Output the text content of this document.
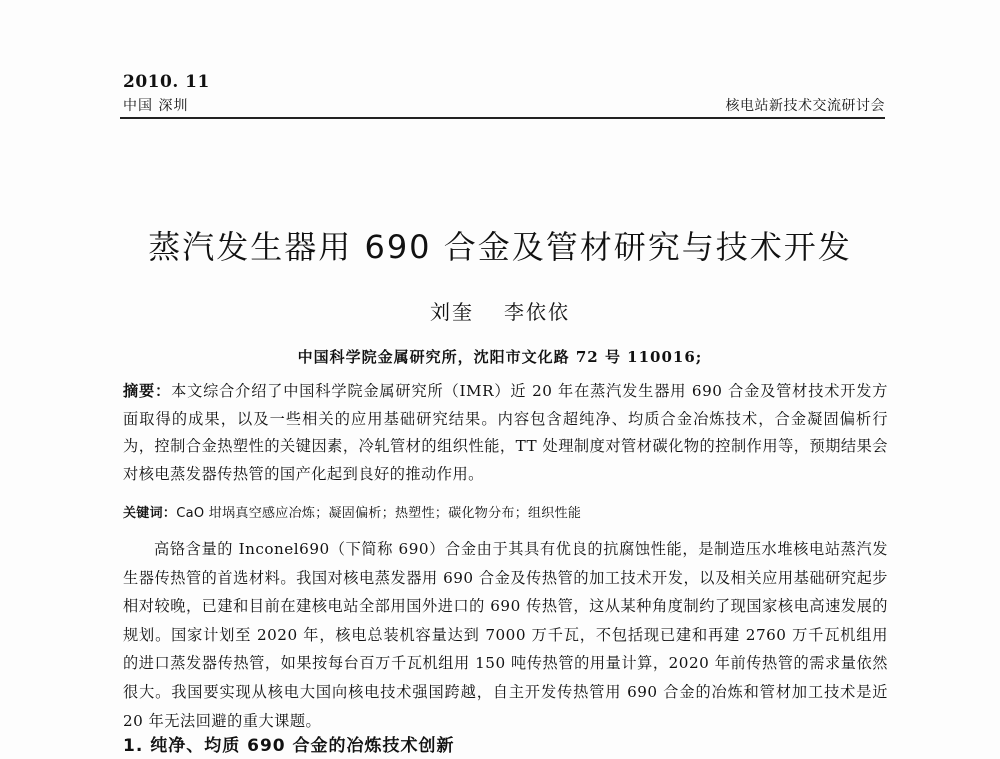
2010. 11
中国 深圳	核电站新技术交流研讨会
蒸汽发生器用 690 合金及管材研究与技术开发
刘奎 李依依
中国科学院金属研究所，沈阳市文化路 72 号 110016;

摘要：本文综合介绍了中国科学院金属研究所（IMR）近 20 年在蒸汽发生器用 690 合金及管材技术开发方面取得的成果，以及一些相关的应用基础研究结果。内容包含超纯净、均质合金冶炼技术，合金凝固偏析行为，控制合金热塑性的关键因素，冷轧管材的组织性能，TT 处理制度对管材碳化物的控制作用等，预期结果会对核电蒸发器传热管的国产化起到良好的推动作用。

关键词：CaO 坩埚真空感应冶炼；凝固偏析；热塑性；碳化物分布；组织性能

高铬含量的 Inconel690（下简称 690）合金由于其具有优良的抗腐蚀性能，是制造压水堆核电站蒸汽发生器传热管的首选材料。我国对核电蒸发器用 690 合金及传热管的加工技术开发，以及相关应用基础研究起步相对较晚，已建和目前在建核电站全部用国外进口的 690 传热管，这从某种角度制约了现国家核电高速发展的规划。国家计划至 2020 年，核电总装机容量达到 7000 万千瓦，不包括现已建和再建 2760 万千瓦机组用的进口蒸发器传热管，如果按每台百万千瓦机组用 150 吨传热管的用量计算，2020 年前传热管的需求量依然很大。我国要实现从核电大国向核电技术强国跨越，自主开发传热管用 690 合金的冶炼和管材加工技术是近 20 年无法回避的重大课题。

1. 纯净、均质 690 合金的冶炼技术创新
